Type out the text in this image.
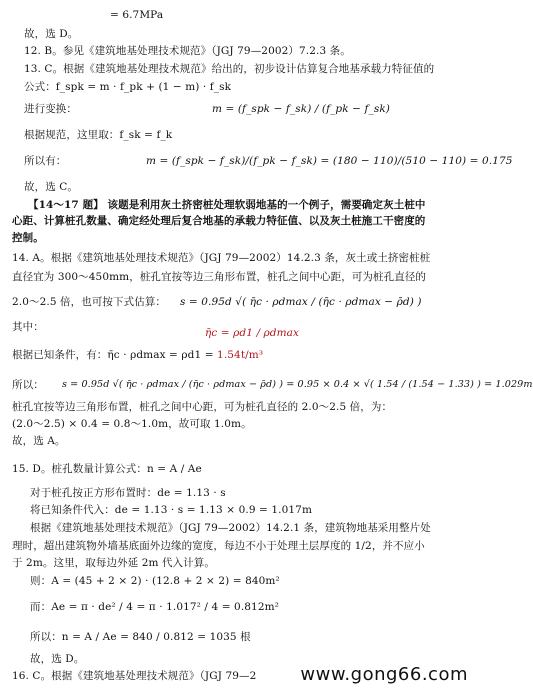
= 6.7MPa
故，选 D。
12. B。参见《建筑地基处理技术规范》（JGJ 79—2002）7.2.3 条。
13. C。根据《建筑地基处理技术规范》给出的，初步设计估算复合地基承载力特征值的
公式：f_spk = m · f_pk + (1 − m) · f_sk
进行变换：	m = (f_spk − f_sk) / (f_pk − f_sk)
根据规范，这里取：f_sk = f_k
所以有：	m = (f_spk − f_sk)/(f_pk − f_sk) = (180 − 110)/(510 − 110) = 0.175
故，选 C。
【14～17 题】 该题是利用灰土挤密桩处理软弱地基的一个例子，需要确定灰土桩中
心距、计算桩孔数量、确定经处理后复合地基的承载力特征值、以及灰土桩施工干密度的
控制。
14. A。根据《建筑地基处理技术规范》（JGJ 79—2002）14.2.3 条，灰土或土挤密桩桩
直径宜为 300～450mm，桩孔宜按等边三角形布置，桩孔之间中心距，可为桩孔直径的
2.0～2.5 倍，也可按下式估算： s = 0.95d √( η̄c · ρdmax / (η̄c · ρdmax − ρ̄d) )
其中：	η̄c = ρd1 / ρdmax
根据已知条件，有：η̄c · ρdmax = ρd1 = 1.54t/m³
所以： s = 0.95d √( η̄c · ρdmax / (η̄c · ρdmax − ρ̄d) ) = 0.95 × 0.4 × √( 1.54 / (1.54 − 1.33) ) = 1.029m
桩孔宜按等边三角形布置，桩孔之间中心距，可为桩孔直径的 2.0～2.5 倍，为：
(2.0～2.5) × 0.4 = 0.8～1.0m，故可取 1.0m。
故，选 A。
15. D。桩孔数量计算公式：n = A / Ae
对于桩孔按正方形布置时：de = 1.13 · s
将已知条件代入：de = 1.13 · s = 1.13 × 0.9 = 1.017m
根据《建筑地基处理技术规范》（JGJ 79—2002）14.2.1 条，建筑物地基采用整片处
理时，超出建筑物外墙基底面外边缘的宽度，每边不小于处理土层厚度的 1/2，并不应小
于 2m。这里，取每边外延 2m 代入计算。
则：A = (45 + 2 × 2) · (12.8 + 2 × 2) = 840m²
而：Ae = π · de² / 4 = π · 1.017² / 4 = 0.812m²
所以：n = A / Ae = 840 / 0.812 = 1035 根
故，选 D。
16. C。根据《建筑地基处理技术规范》（JGJ 79—2 www.gong66.com
